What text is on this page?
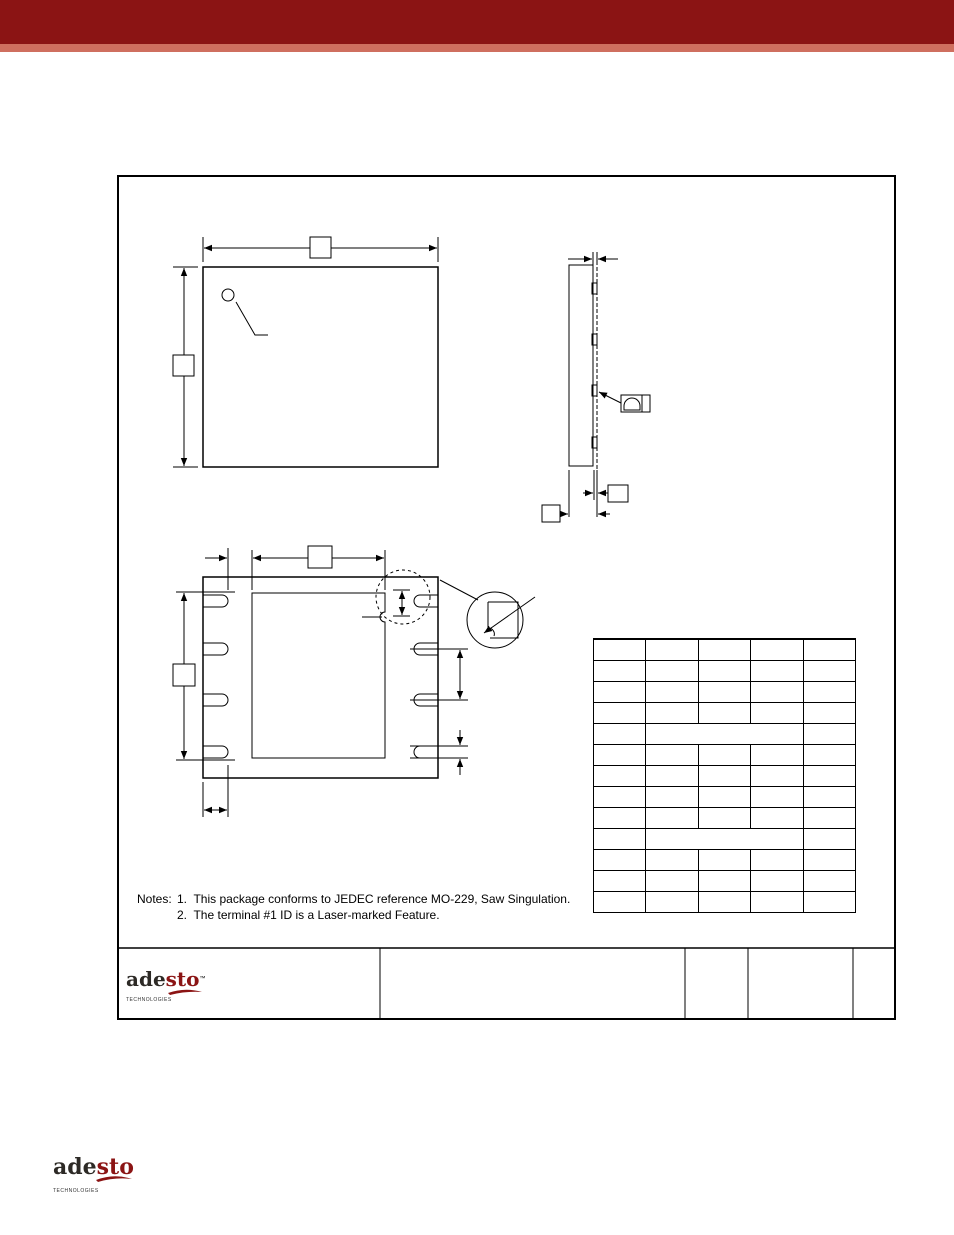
Notes: 1. This package conforms to JEDEC reference MO-229, Saw Singulation.
2. The terminal #1 ID is a Laser-marked Feature.
adesto™
TECHNOLOGIES
adesto
TECHNOLOGIES
